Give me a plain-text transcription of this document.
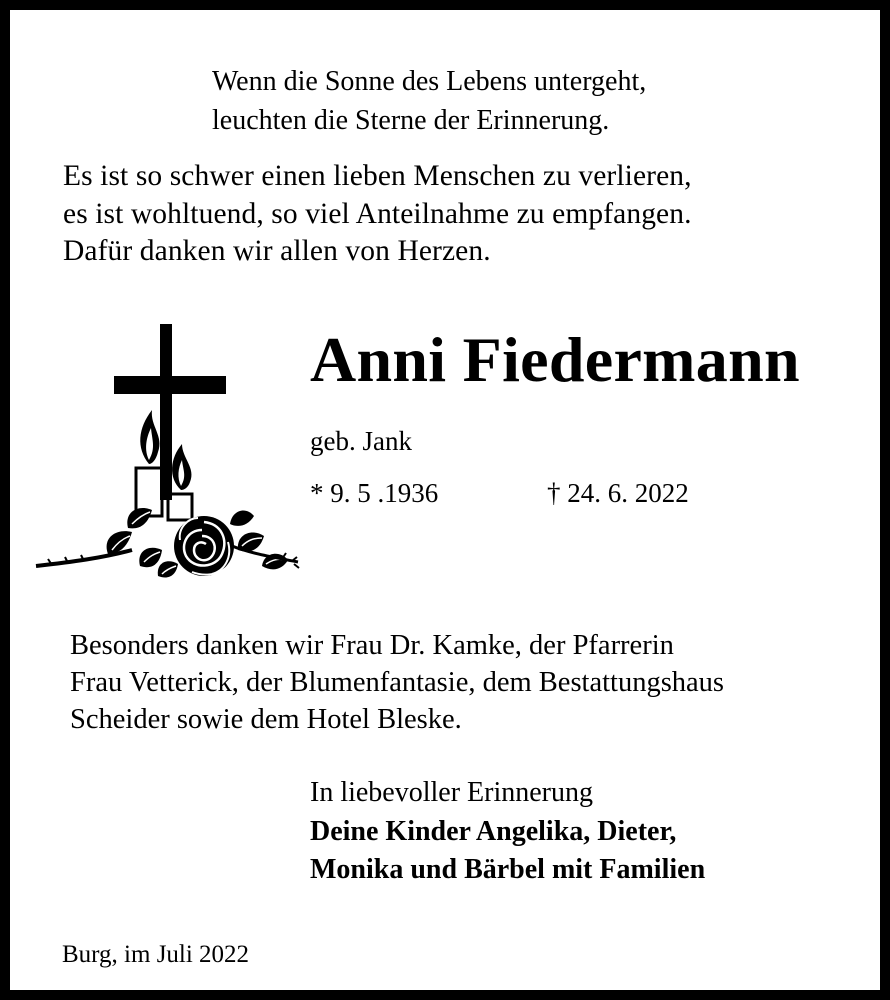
Wenn die Sonne des Lebens untergeht,
leuchten die Sterne der Erinnerung.
Es ist so schwer einen lieben Menschen zu verlieren,
es ist wohltuend, so viel Anteilnahme zu empfangen.
Dafür danken wir allen von Herzen.
Anni Fiedermann
geb. Jank
* 9. 5 .1936	† 24. 6. 2022
Besonders danken wir Frau Dr. Kamke, der Pfarrerin
Frau Vetterick, der Blumenfantasie, dem Bestattungshaus
Scheider sowie dem Hotel Bleske.
In liebevoller Erinnerung
Deine Kinder Angelika, Dieter,
Monika und Bärbel mit Familien
Burg, im Juli 2022
